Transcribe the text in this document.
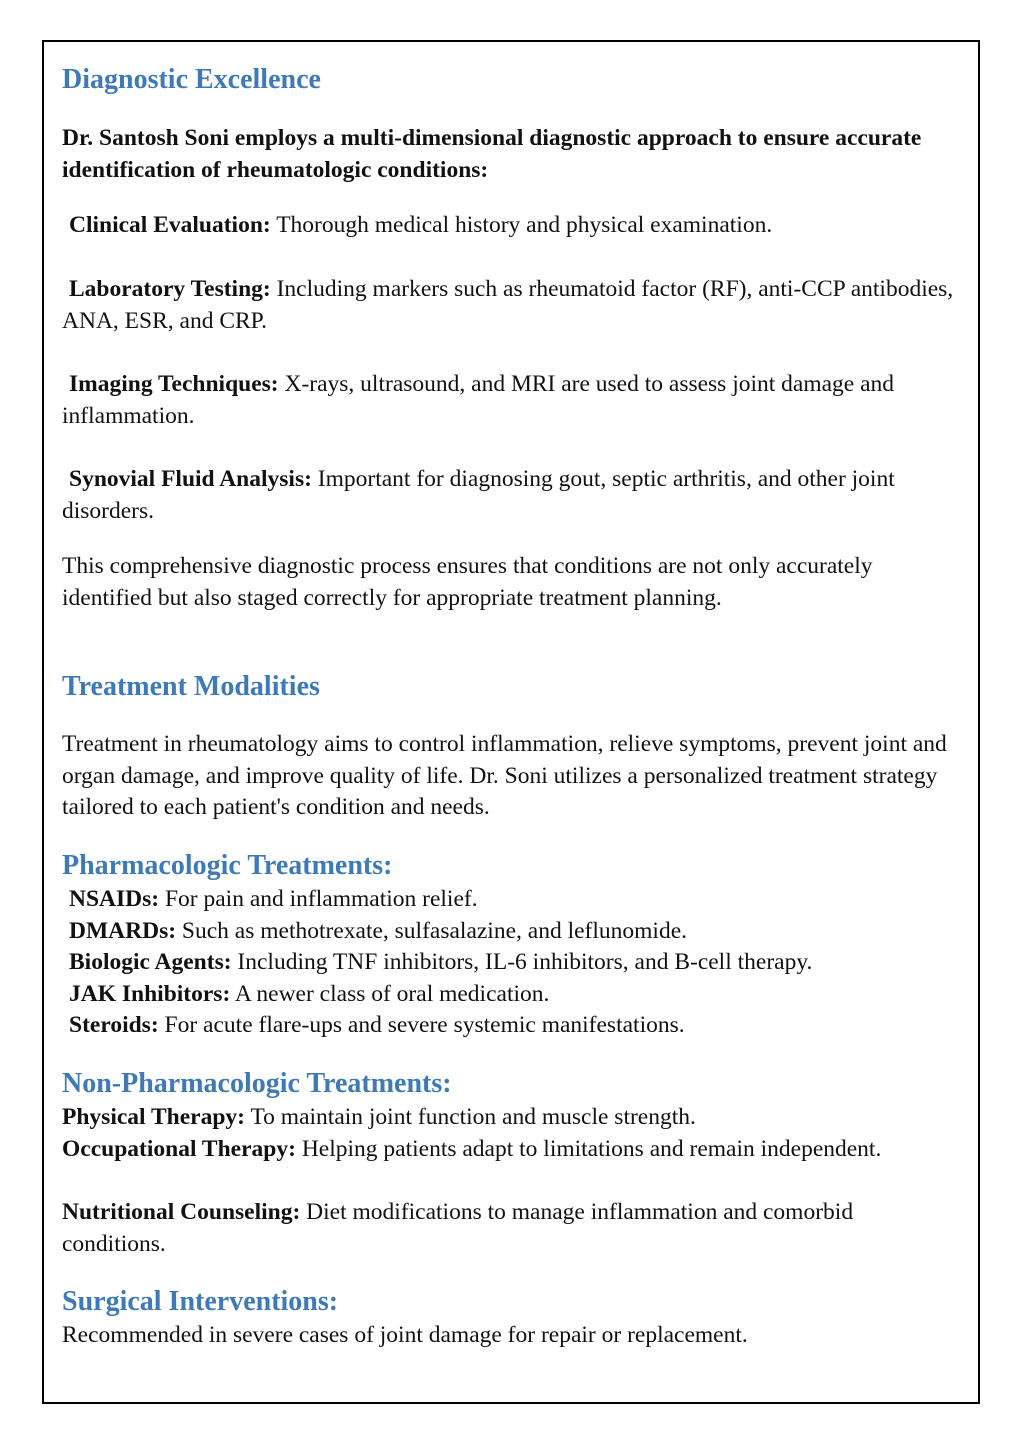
Diagnostic Excellence

Dr. Santosh Soni employs a multi-dimensional diagnostic approach to ensure accurate identification of rheumatologic conditions:

Clinical Evaluation: Thorough medical history and physical examination.

Laboratory Testing: Including markers such as rheumatoid factor (RF), anti-CCP antibodies, ANA, ESR, and CRP.

Imaging Techniques: X-rays, ultrasound, and MRI are used to assess joint damage and inflammation.

Synovial Fluid Analysis: Important for diagnosing gout, septic arthritis, and other joint disorders.

This comprehensive diagnostic process ensures that conditions are not only accurately identified but also staged correctly for appropriate treatment planning.

Treatment Modalities

Treatment in rheumatology aims to control inflammation, relieve symptoms, prevent joint and organ damage, and improve quality of life. Dr. Soni utilizes a personalized treatment strategy tailored to each patient's condition and needs.

Pharmacologic Treatments:

NSAIDs: For pain and inflammation relief.

DMARDs: Such as methotrexate, sulfasalazine, and leflunomide.

Biologic Agents: Including TNF inhibitors, IL-6 inhibitors, and B-cell therapy.

JAK Inhibitors: A newer class of oral medication.

Steroids: For acute flare-ups and severe systemic manifestations.

Non-Pharmacologic Treatments:

Physical Therapy: To maintain joint function and muscle strength.

Occupational Therapy: Helping patients adapt to limitations and remain independent.

Nutritional Counseling: Diet modifications to manage inflammation and comorbid conditions.

Surgical Interventions:

Recommended in severe cases of joint damage for repair or replacement.
